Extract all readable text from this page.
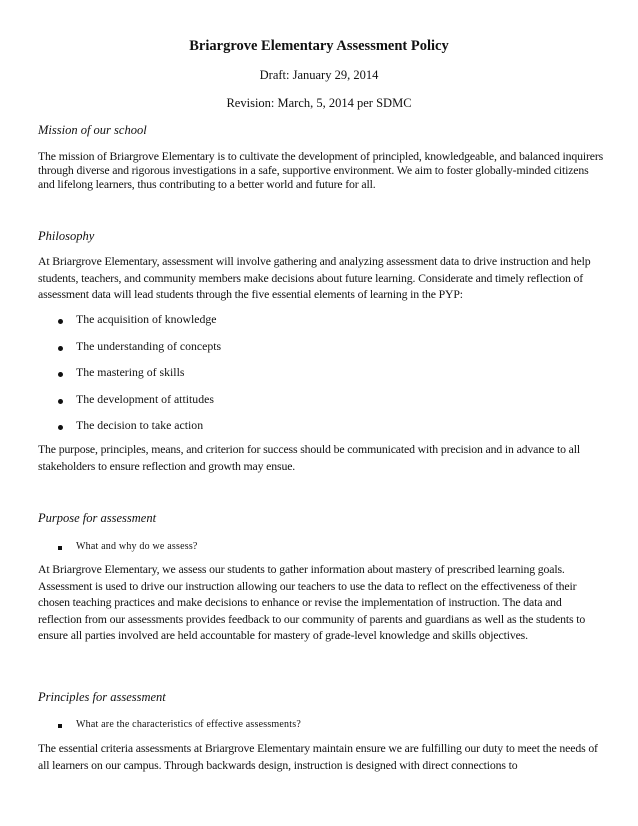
Briargrove Elementary Assessment Policy
Draft: January 29, 2014
Revision: March, 5, 2014 per SDMC
Mission of our school

The mission of Briargrove Elementary is to cultivate the development of principled, knowledgeable, and balanced inquirers through diverse and rigorous investigations in a safe, supportive environment. We aim to foster globally-minded citizens and lifelong learners, thus contributing to a better world and future for all.

Philosophy

At Briargrove Elementary, assessment will involve gathering and analyzing assessment data to drive instruction and help students, teachers, and community members make decisions about future learning. Considerate and timely reflection of assessment data will lead students through the five essential elements of learning in the PYP:

The acquisition of knowledge
The understanding of concepts
The mastering of skills
The development of attitudes
The decision to take action

The purpose, principles, means, and criterion for success should be communicated with precision and in advance to all stakeholders to ensure reflection and growth may ensue.

Purpose for assessment
What and why do we assess?

At Briargrove Elementary, we assess our students to gather information about mastery of prescribed learning goals. Assessment is used to drive our instruction allowing our teachers to use the data to reflect on the effectiveness of their chosen teaching practices and make decisions to enhance or revise the implementation of instruction. The data and reflection from our assessments provides feedback to our community of parents and guardians as well as the students to ensure all parties involved are held accountable for mastery of grade-level knowledge and skills objectives.

Principles for assessment
What are the characteristics of effective assessments?

The essential criteria assessments at Briargrove Elementary maintain ensure we are fulfilling our duty to meet the needs of all learners on our campus. Through backwards design, instruction is designed with direct connections to
